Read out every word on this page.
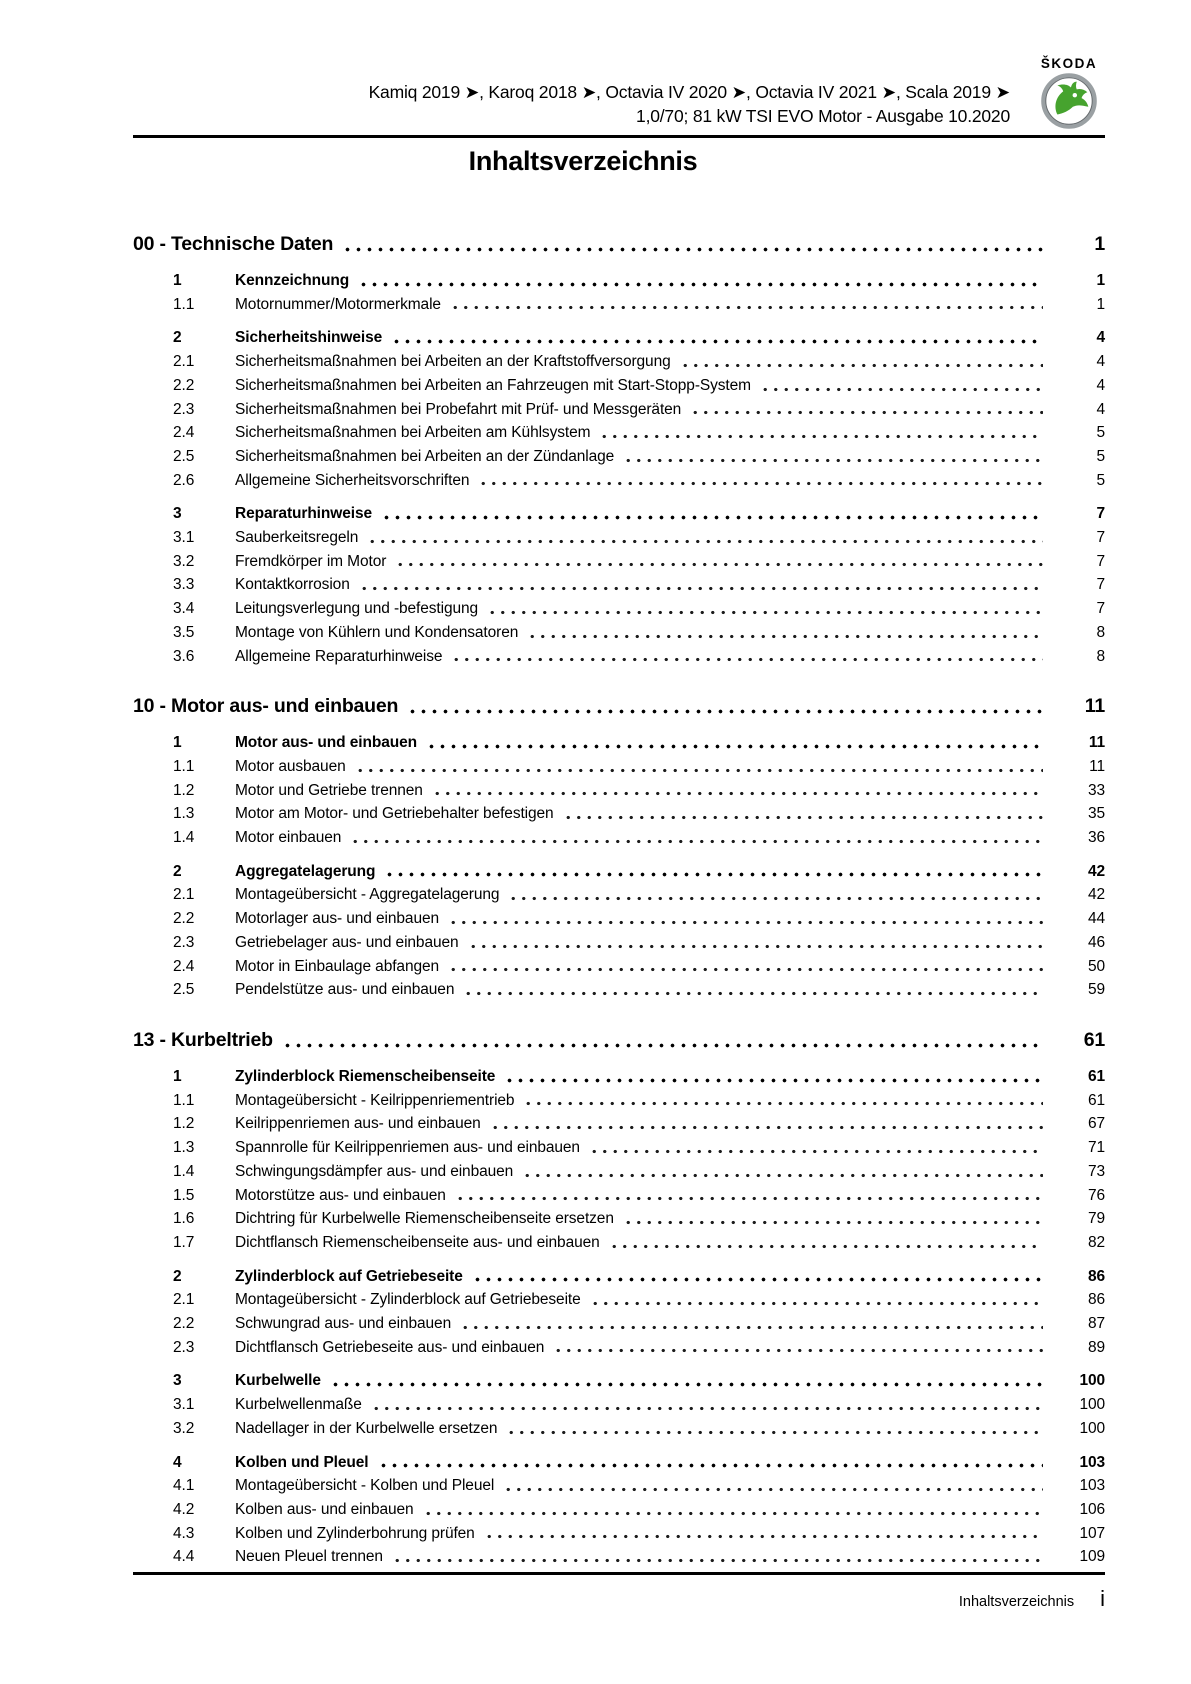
Kamiq 2019 ➤, Karoq 2018 ➤, Octavia IV 2020 ➤, Octavia IV 2021 ➤, Scala 2019 ➤
1,0/70; 81 kW TSI EVO Motor - Ausgabe 10.2020
ŠKODA
Inhaltsverzeichnis
00 - Technische Daten	1
1	Kennzeichnung	1
1.1	Motornummer/Motormerkmale	1
2	Sicherheitshinweise	4
2.1	Sicherheitsmaßnahmen bei Arbeiten an der Kraftstoffversorgung	4
2.2	Sicherheitsmaßnahmen bei Arbeiten an Fahrzeugen mit Start-Stopp-System	4
2.3	Sicherheitsmaßnahmen bei Probefahrt mit Prüf- und Messgeräten	4
2.4	Sicherheitsmaßnahmen bei Arbeiten am Kühlsystem	5
2.5	Sicherheitsmaßnahmen bei Arbeiten an der Zündanlage	5
2.6	Allgemeine Sicherheitsvorschriften	5
3	Reparaturhinweise	7
3.1	Sauberkeitsregeln	7
3.2	Fremdkörper im Motor	7
3.3	Kontaktkorrosion	7
3.4	Leitungsverlegung und -befestigung	7
3.5	Montage von Kühlern und Kondensatoren	8
3.6	Allgemeine Reparaturhinweise	8
10 - Motor aus- und einbauen	11
1	Motor aus- und einbauen	11
1.1	Motor ausbauen	11
1.2	Motor und Getriebe trennen	33
1.3	Motor am Motor- und Getriebehalter befestigen	35
1.4	Motor einbauen	36
2	Aggregatelagerung	42
2.1	Montageübersicht - Aggregatelagerung	42
2.2	Motorlager aus- und einbauen	44
2.3	Getriebelager aus- und einbauen	46
2.4	Motor in Einbaulage abfangen	50
2.5	Pendelstütze aus- und einbauen	59
13 - Kurbeltrieb	61
1	Zylinderblock Riemenscheibenseite	61
1.1	Montageübersicht - Keilrippenriementrieb	61
1.2	Keilrippenriemen aus- und einbauen	67
1.3	Spannrolle für Keilrippenriemen aus- und einbauen	71
1.4	Schwingungsdämpfer aus- und einbauen	73
1.5	Motorstütze aus- und einbauen	76
1.6	Dichtring für Kurbelwelle Riemenscheibenseite ersetzen	79
1.7	Dichtflansch Riemenscheibenseite aus- und einbauen	82
2	Zylinderblock auf Getriebeseite	86
2.1	Montageübersicht - Zylinderblock auf Getriebeseite	86
2.2	Schwungrad aus- und einbauen	87
2.3	Dichtflansch Getriebeseite aus- und einbauen	89
3	Kurbelwelle	100
3.1	Kurbelwellenmaße	100
3.2	Nadellager in der Kurbelwelle ersetzen	100
4	Kolben und Pleuel	103
4.1	Montageübersicht - Kolben und Pleuel	103
4.2	Kolben aus- und einbauen	106
4.3	Kolben und Zylinderbohrung prüfen	107
4.4	Neuen Pleuel trennen	109
Inhaltsverzeichnis i
